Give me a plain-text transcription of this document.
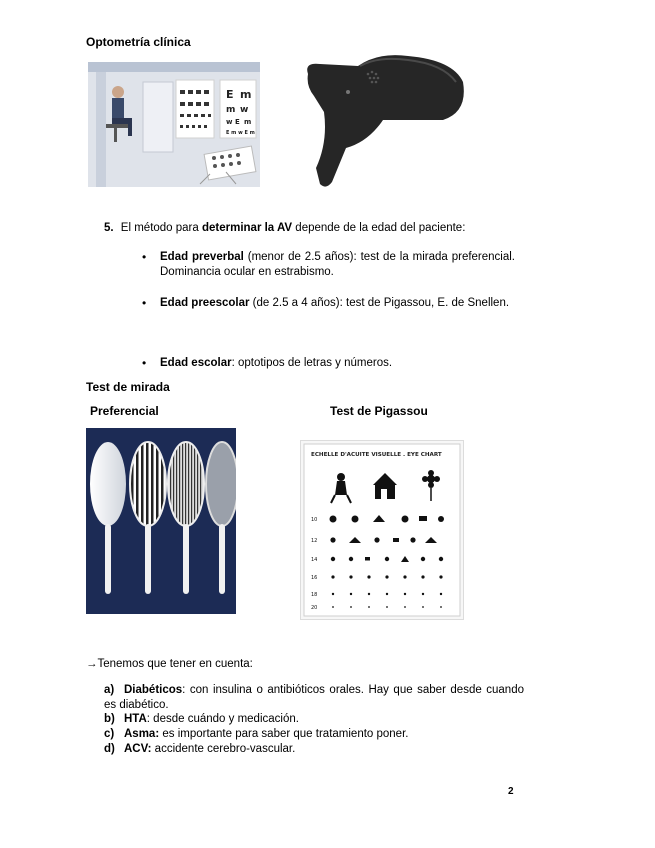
Optometría clínica
E m
m w
w E m
E m w E m
5. El método para determinar la AV depende de la edad del paciente:
• Edad preverbal (menor de 2.5 años): test de la mirada preferencial. Dominancia ocular en estrabismo.
• Edad preescolar (de 2.5 a 4 años): test de Pigassou, E. de Snellen.
• Edad escolar: optotipos de letras y números.
Test de mirada
Preferencial	Test de Pigassou
ECHELLE D'ACUITE VISUELLE . EYE CHART
10
12
14
16
18
20
→Tenemos que tener en cuenta:
a) Diabéticos: con insulina o antibióticos orales. Hay que saber desde cuando es diabético.
b) HTA: desde cuándo y medicación.
c) Asma: es importante para saber que tratamiento poner.
d) ACV: accidente cerebro-vascular.
2
